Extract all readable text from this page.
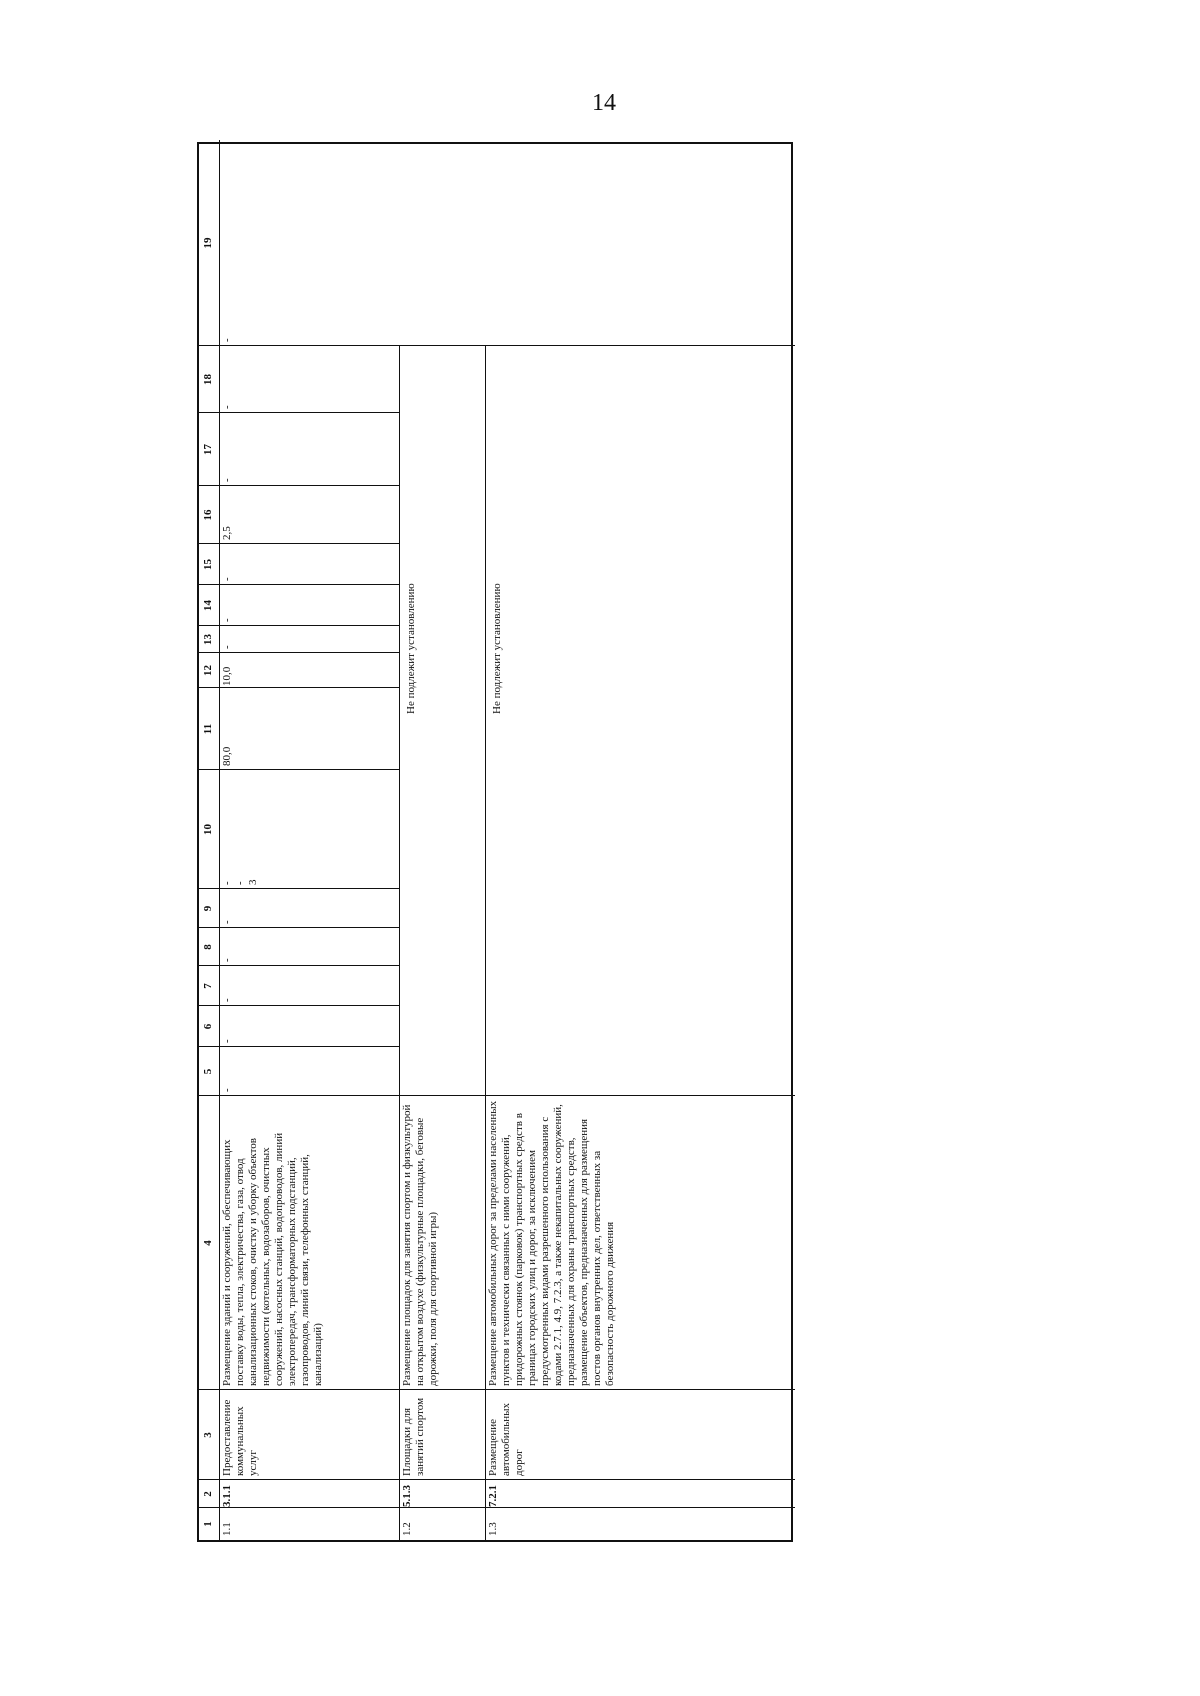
14
1
2
3
4
5
6
7
8
9
10
11
12
13
14
15
16
17
18
19
1.1
3.1.1
Предоставление коммунальных услуг
Размещение зданий и сооружений, обеспечивающих поставку воды, тепла, электричества, газа, отвод канализационных стоков, очистку и уборку объектов недвижимости (котельных, водозаборов, очистных сооружений, насосных станций, водопроводов, линий электропередач, трансформаторных подстанций, газопроводов, линий связи, телефонных станций, канализаций)
-
-
-
-
-
- - 3
80,0
10,0
-
-
-
2,5
-
-
-
1.2
5.1.3
Площадки для занятий спортом
Размещение площадок для занятия спортом и физкультурой на открытом воздухе (физкультурные площадки, беговые дорожки, поля для спортивной игры)
Не подлежит установлению
1.3
7.2.1
Размещение автомобильных дорог
Размещение автомобильных дорог за пределами населенных пунктов и технически связанных с ними сооружений, придорожных стоянок (парковок) транспортных средств в границах городских улиц и дорог, за исключением предусмотренных видами разрешенного использования с кодами 2.7.1, 4.9, 7.2.3, а также некапитальных сооружений, предназначенных для охраны транспортных средств, размещение объектов, предназначенных для размещения постов органов внутренних дел, ответственных за безопасность дорожного движения
Не подлежит установлению
